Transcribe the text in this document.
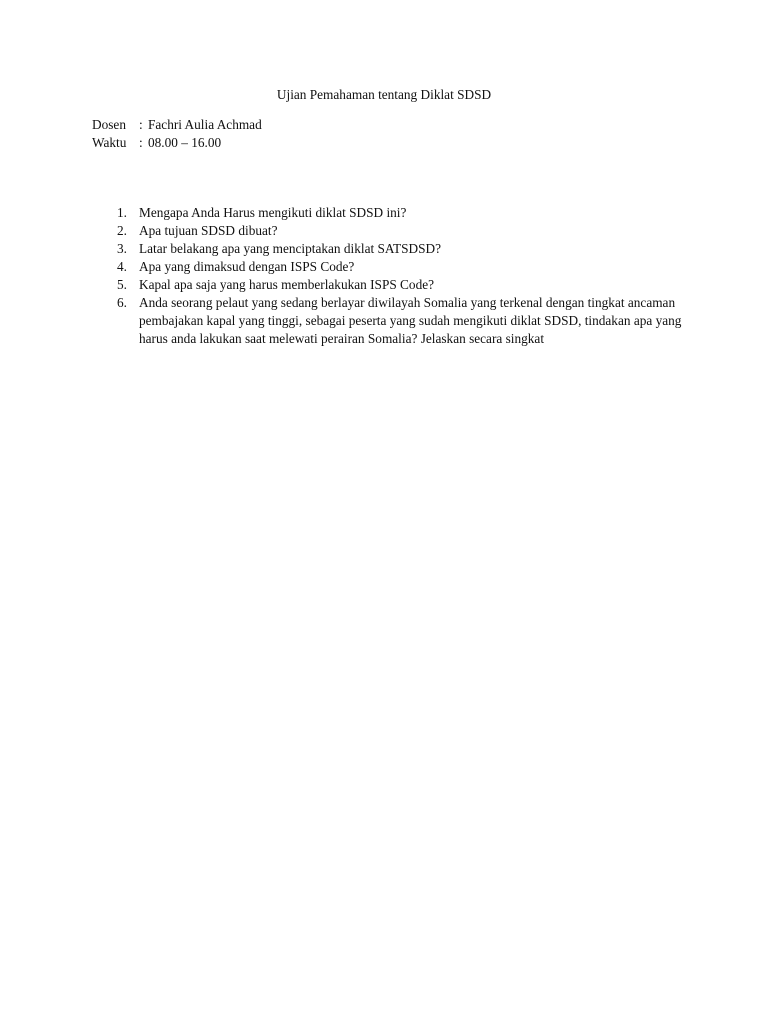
Ujian Pemahaman tentang Diklat SDSD
Dosen : Fachri Aulia Achmad
Waktu : 08.00 – 16.00
1. Mengapa Anda Harus mengikuti diklat SDSD ini?
2. Apa tujuan SDSD dibuat?
3. Latar belakang apa yang menciptakan diklat SATSDSD?
4. Apa yang dimaksud dengan ISPS Code?
5. Kapal apa saja yang harus memberlakukan ISPS Code?
6. Anda seorang pelaut yang sedang berlayar diwilayah Somalia yang terkenal dengan tingkat ancaman pembajakan kapal yang tinggi, sebagai peserta yang sudah mengikuti diklat SDSD, tindakan apa yang harus anda lakukan saat melewati perairan Somalia? Jelaskan secara singkat
